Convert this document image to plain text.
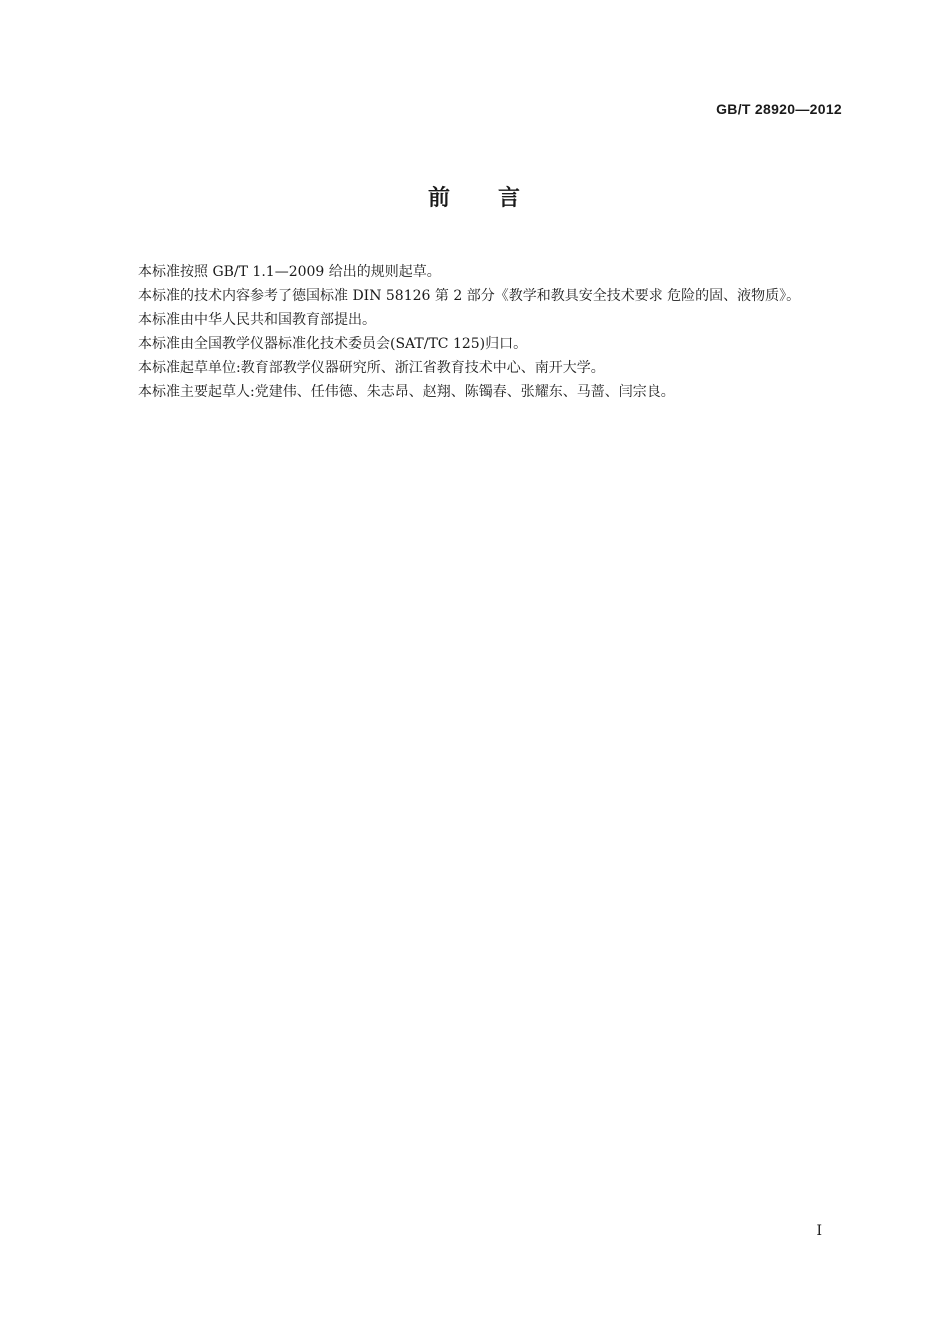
GB/T 28920—2012
前 言

本标准按照 GB/T 1.1—2009 给出的规则起草。

本标准的技术内容参考了德国标准 DIN 58126 第 2 部分《教学和教具安全技术要求 危险的固、液物质》。

本标准由中华人民共和国教育部提出。

本标准由全国教学仪器标准化技术委员会(SAT/TC 125)归口。

本标准起草单位:教育部教学仪器研究所、浙江省教育技术中心、南开大学。

本标准主要起草人:党建伟、任伟德、朱志昂、赵翔、陈镯春、张耀东、马蔷、闫宗良。

I
